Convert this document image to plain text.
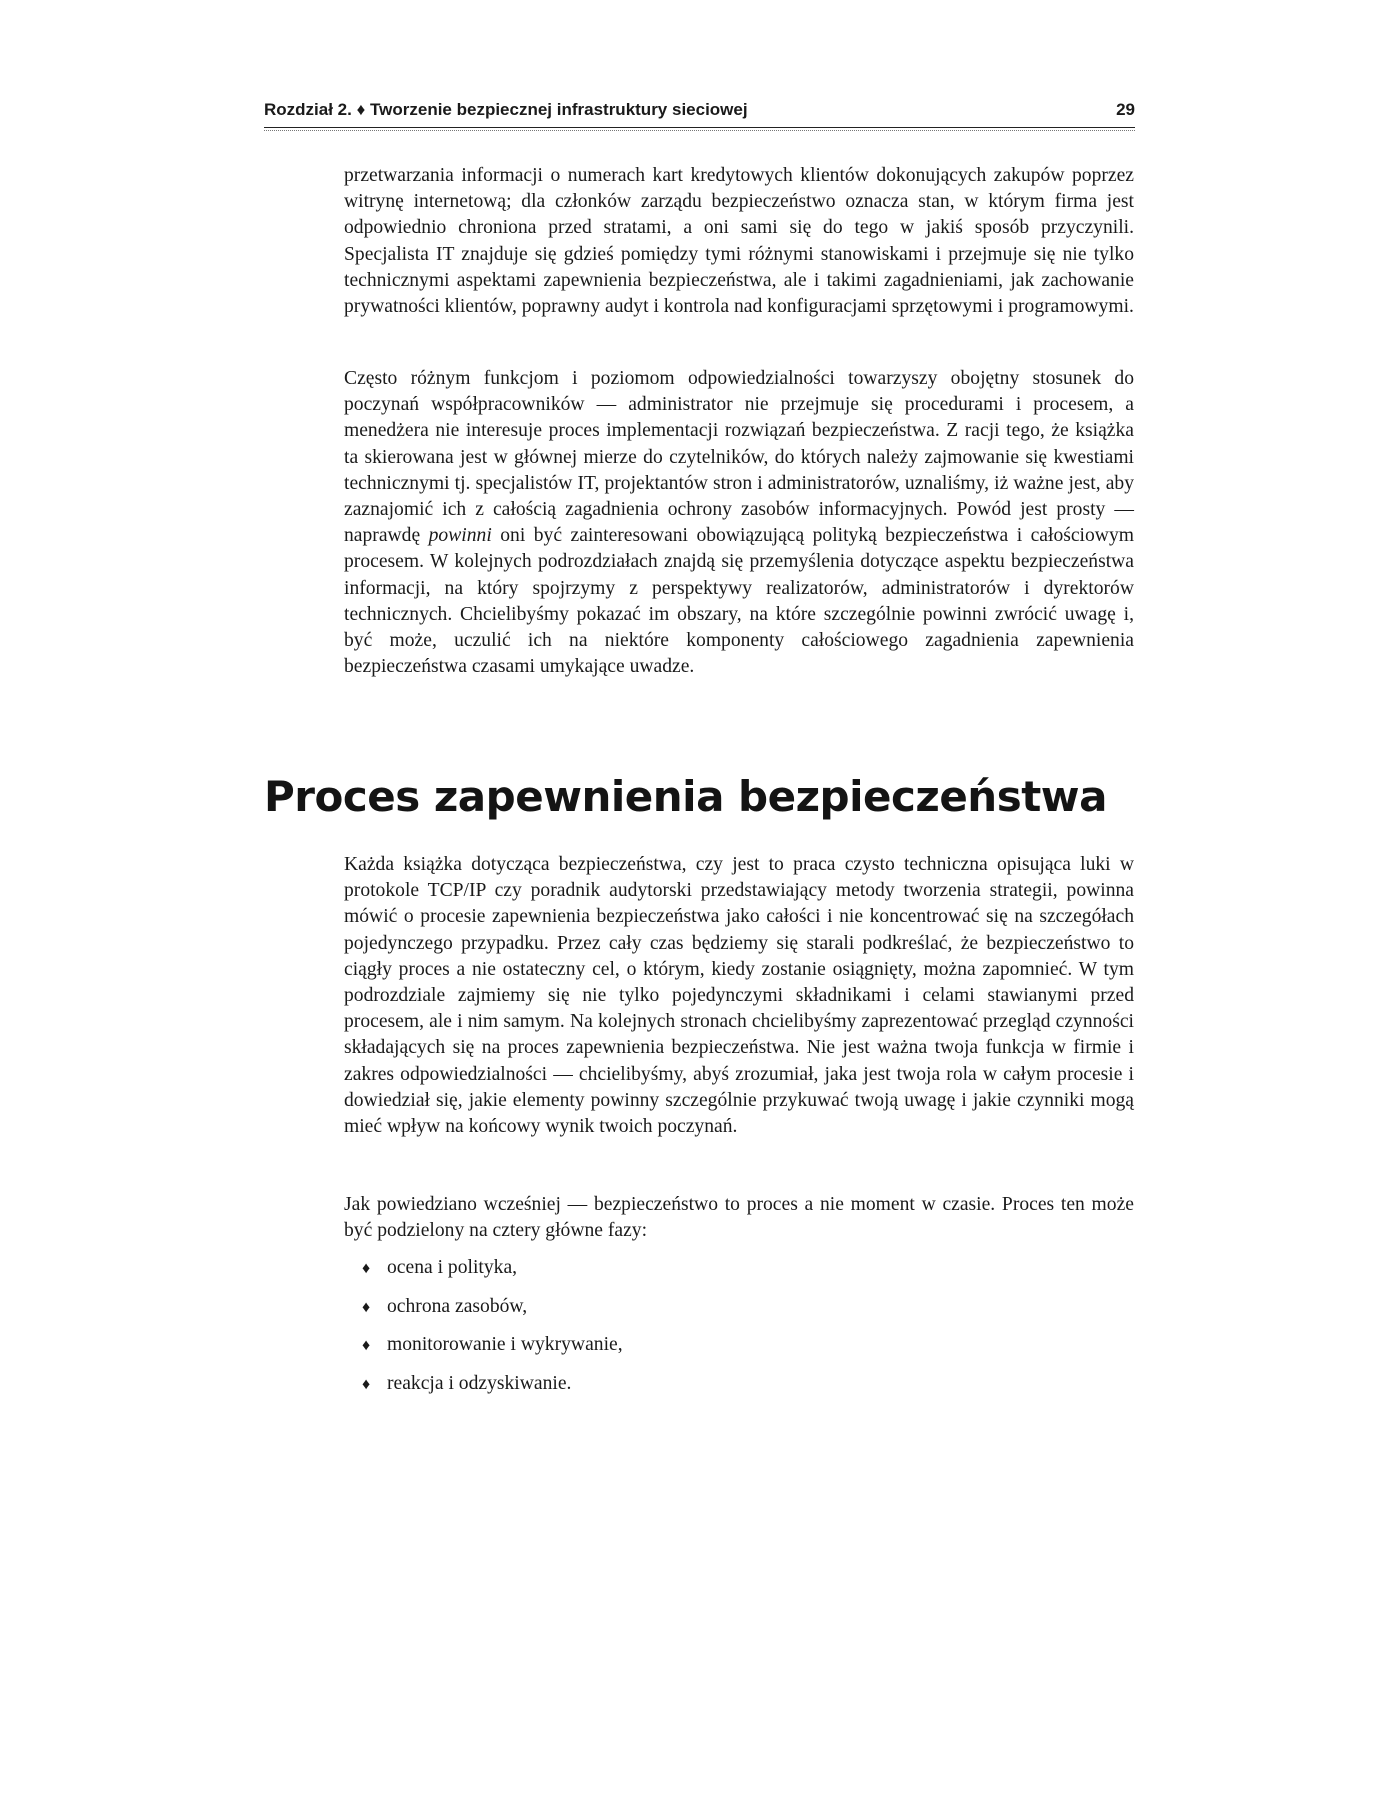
Rozdział 2. ♦ Tworzenie bezpiecznej infrastruktury sieciowej	29

przetwarzania informacji o numerach kart kredytowych klientów dokonujących zakupów poprzez witrynę internetową; dla członków zarządu bezpieczeństwo oznacza stan, w którym firma jest odpowiednio chroniona przed stratami, a oni sami się do tego w jakiś sposób przyczynili. Specjalista IT znajduje się gdzieś pomiędzy tymi różnymi stanowiskami i przejmuje się nie tylko technicznymi aspektami zapewnienia bezpieczeństwa, ale i takimi zagadnieniami, jak zachowanie prywatności klientów, poprawny audyt i kontrola nad konfiguracjami sprzętowymi i programowymi.

Często różnym funkcjom i poziomom odpowiedzialności towarzyszy obojętny stosunek do poczynań współpracowników — administrator nie przejmuje się procedurami i procesem, a menedżera nie interesuje proces implementacji rozwiązań bezpieczeństwa. Z racji tego, że książka ta skierowana jest w głównej mierze do czytelników, do których należy zajmowanie się kwestiami technicznymi tj. specjalistów IT, projektantów stron i administratorów, uznaliśmy, iż ważne jest, aby zaznajomić ich z całością zagadnienia ochrony zasobów informacyjnych. Powód jest prosty — naprawdę powinni oni być zainteresowani obowiązującą polityką bezpieczeństwa i całościowym procesem. W kolejnych podrozdziałach znajdą się przemyślenia dotyczące aspektu bezpieczeństwa informacji, na który spojrzymy z perspektywy realizatorów, administratorów i dyrektorów technicznych. Chcielibyśmy pokazać im obszary, na które szczególnie powinni zwrócić uwagę i, być może, uczulić ich na niektóre komponenty całościowego zagadnienia zapewnienia bezpieczeństwa czasami umykające uwadze.

Proces zapewnienia bezpieczeństwa

Każda książka dotycząca bezpieczeństwa, czy jest to praca czysto techniczna opisująca luki w protokole TCP/IP czy poradnik audytorski przedstawiający metody tworzenia strategii, powinna mówić o procesie zapewnienia bezpieczeństwa jako całości i nie koncentrować się na szczegółach pojedynczego przypadku. Przez cały czas będziemy się starali podkreślać, że bezpieczeństwo to ciągły proces a nie ostateczny cel, o którym, kiedy zostanie osiągnięty, można zapomnieć. W tym podrozdziale zajmiemy się nie tylko pojedynczymi składnikami i celami stawianymi przed procesem, ale i nim samym. Na kolejnych stronach chcielibyśmy zaprezentować przegląd czynności składających się na proces zapewnienia bezpieczeństwa. Nie jest ważna twoja funkcja w firmie i zakres odpowiedzialności — chcielibyśmy, abyś zrozumiał, jaka jest twoja rola w całym procesie i dowiedział się, jakie elementy powinny szczególnie przykuwać twoją uwagę i jakie czynniki mogą mieć wpływ na końcowy wynik twoich poczynań.

Jak powiedziano wcześniej — bezpieczeństwo to proces a nie moment w czasie. Proces ten może być podzielony na cztery główne fazy:

♦ ocena i polityka,
♦ ochrona zasobów,
♦ monitorowanie i wykrywanie,
♦ reakcja i odzyskiwanie.
